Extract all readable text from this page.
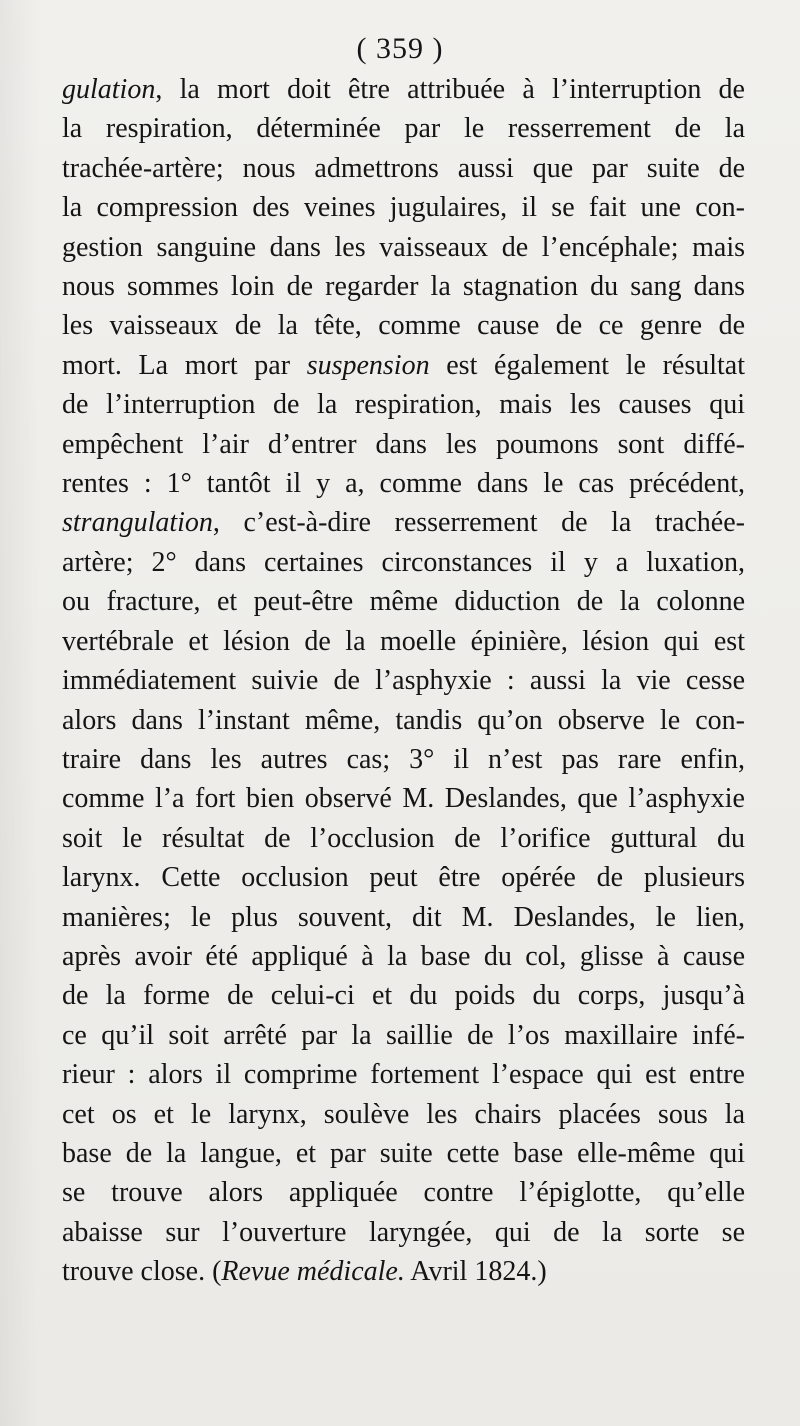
( 359 )
gulation, la mort doit être attribuée à l’interruption de
la respiration, déterminée par le resserrement de la
trachée-artère; nous admettrons aussi que par suite de
la compression des veines jugulaires, il se fait une con-
gestion sanguine dans les vaisseaux de l’encéphale; mais
nous sommes loin de regarder la stagnation du sang dans
les vaisseaux de la tête, comme cause de ce genre de
mort. La mort par suspension est également le résultat
de l’interruption de la respiration, mais les causes qui
empêchent l’air d’entrer dans les poumons sont diffé-
rentes : 1° tantôt il y a, comme dans le cas précédent,
strangulation, c’est-à-dire resserrement de la trachée-
artère; 2° dans certaines circonstances il y a luxation,
ou fracture, et peut-être même diduction de la colonne
vertébrale et lésion de la moelle épinière, lésion qui est
immédiatement suivie de l’asphyxie : aussi la vie cesse
alors dans l’instant même, tandis qu’on observe le con-
traire dans les autres cas; 3° il n’est pas rare enfin,
comme l’a fort bien observé M. Deslandes, que l’asphyxie
soit le résultat de l’occlusion de l’orifice guttural du
larynx. Cette occlusion peut être opérée de plusieurs
manières; le plus souvent, dit M. Deslandes, le lien,
après avoir été appliqué à la base du col, glisse à cause
de la forme de celui-ci et du poids du corps, jusqu’à
ce qu’il soit arrêté par la saillie de l’os maxillaire infé-
rieur : alors il comprime fortement l’espace qui est entre
cet os et le larynx, soulève les chairs placées sous la
base de la langue, et par suite cette base elle-même qui
se trouve alors appliquée contre l’épiglotte, qu’elle
abaisse sur l’ouverture laryngée, qui de la sorte se
trouve close. (Revue médicale. Avril 1824.)
